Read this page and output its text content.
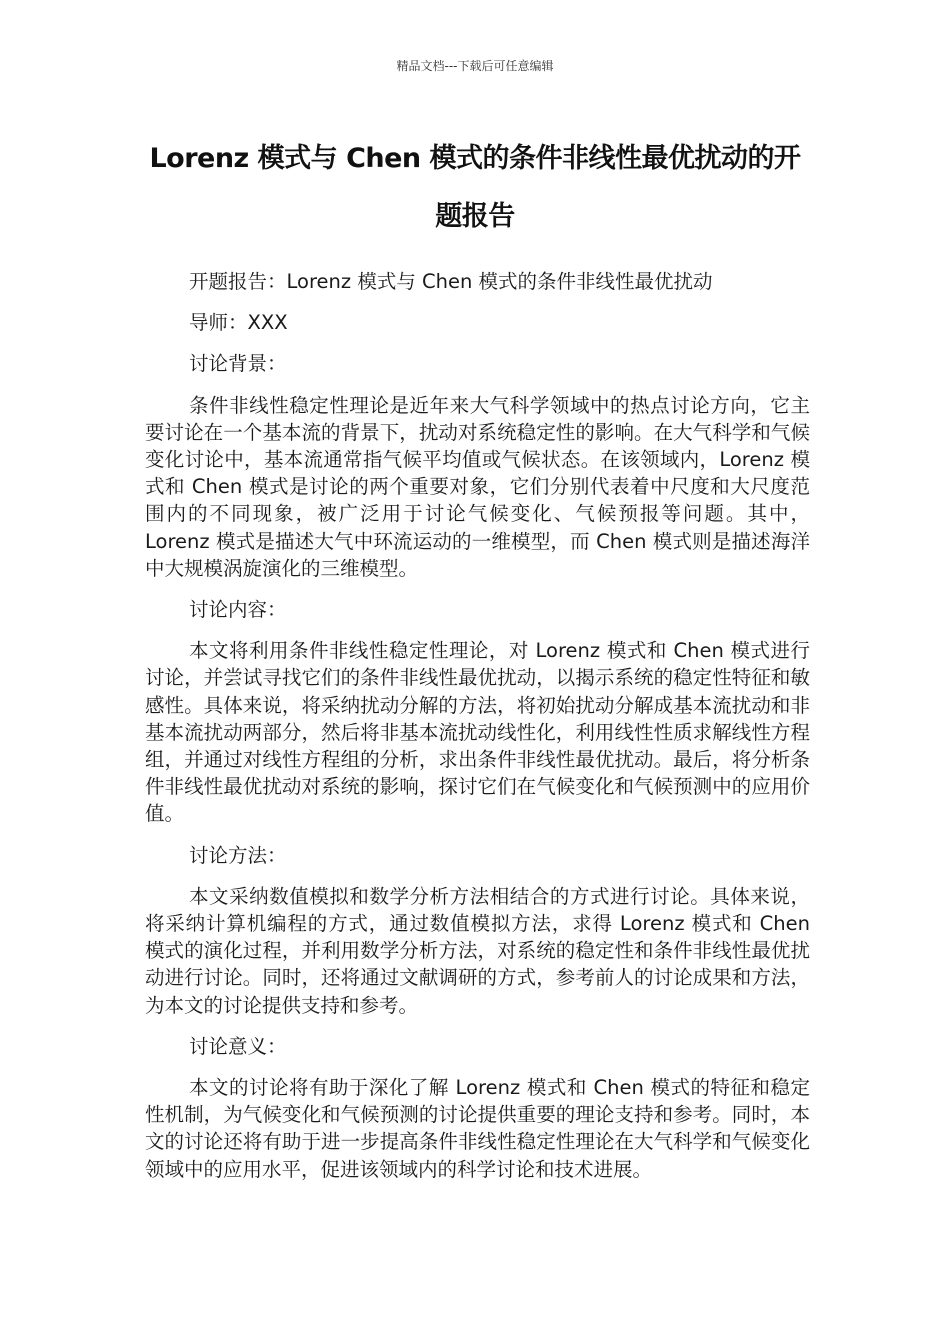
精品文档---下载后可任意编辑
Lorenz 模式与 Chen 模式的条件非线性最优扰动的开题报告
开题报告：Lorenz 模式与 Chen 模式的条件非线性最优扰动
导师：XXX
讨论背景：
条件非线性稳定性理论是近年来大气科学领域中的热点讨论方向，它主要讨论在一个基本流的背景下，扰动对系统稳定性的影响。在大气科学和气候变化讨论中，基本流通常指气候平均值或气候状态。在该领域内，Lorenz 模式和 Chen 模式是讨论的两个重要对象，它们分别代表着中尺度和大尺度范围内的不同现象，被广泛用于讨论气候变化、气候预报等问题。其中，Lorenz 模式是描述大气中环流运动的一维模型，而 Chen 模式则是描述海洋中大规模涡旋演化的三维模型。
讨论内容：
本文将利用条件非线性稳定性理论，对 Lorenz 模式和 Chen 模式进行讨论，并尝试寻找它们的条件非线性最优扰动，以揭示系统的稳定性特征和敏感性。具体来说，将采纳扰动分解的方法，将初始扰动分解成基本流扰动和非基本流扰动两部分，然后将非基本流扰动线性化，利用线性性质求解线性方程组，并通过对线性方程组的分析，求出条件非线性最优扰动。最后，将分析条件非线性最优扰动对系统的影响，探讨它们在气候变化和气候预测中的应用价值。
讨论方法：
本文采纳数值模拟和数学分析方法相结合的方式进行讨论。具体来说，将采纳计算机编程的方式，通过数值模拟方法，求得 Lorenz 模式和 Chen 模式的演化过程，并利用数学分析方法，对系统的稳定性和条件非线性最优扰动进行讨论。同时，还将通过文献调研的方式，参考前人的讨论成果和方法，为本文的讨论提供支持和参考。
讨论意义：
本文的讨论将有助于深化了解 Lorenz 模式和 Chen 模式的特征和稳定性机制，为气候变化和气候预测的讨论提供重要的理论支持和参考。同时，本文的讨论还将有助于进一步提高条件非线性稳定性理论在大气科学和气候变化领域中的应用水平，促进该领域内的科学讨论和技术进展。
